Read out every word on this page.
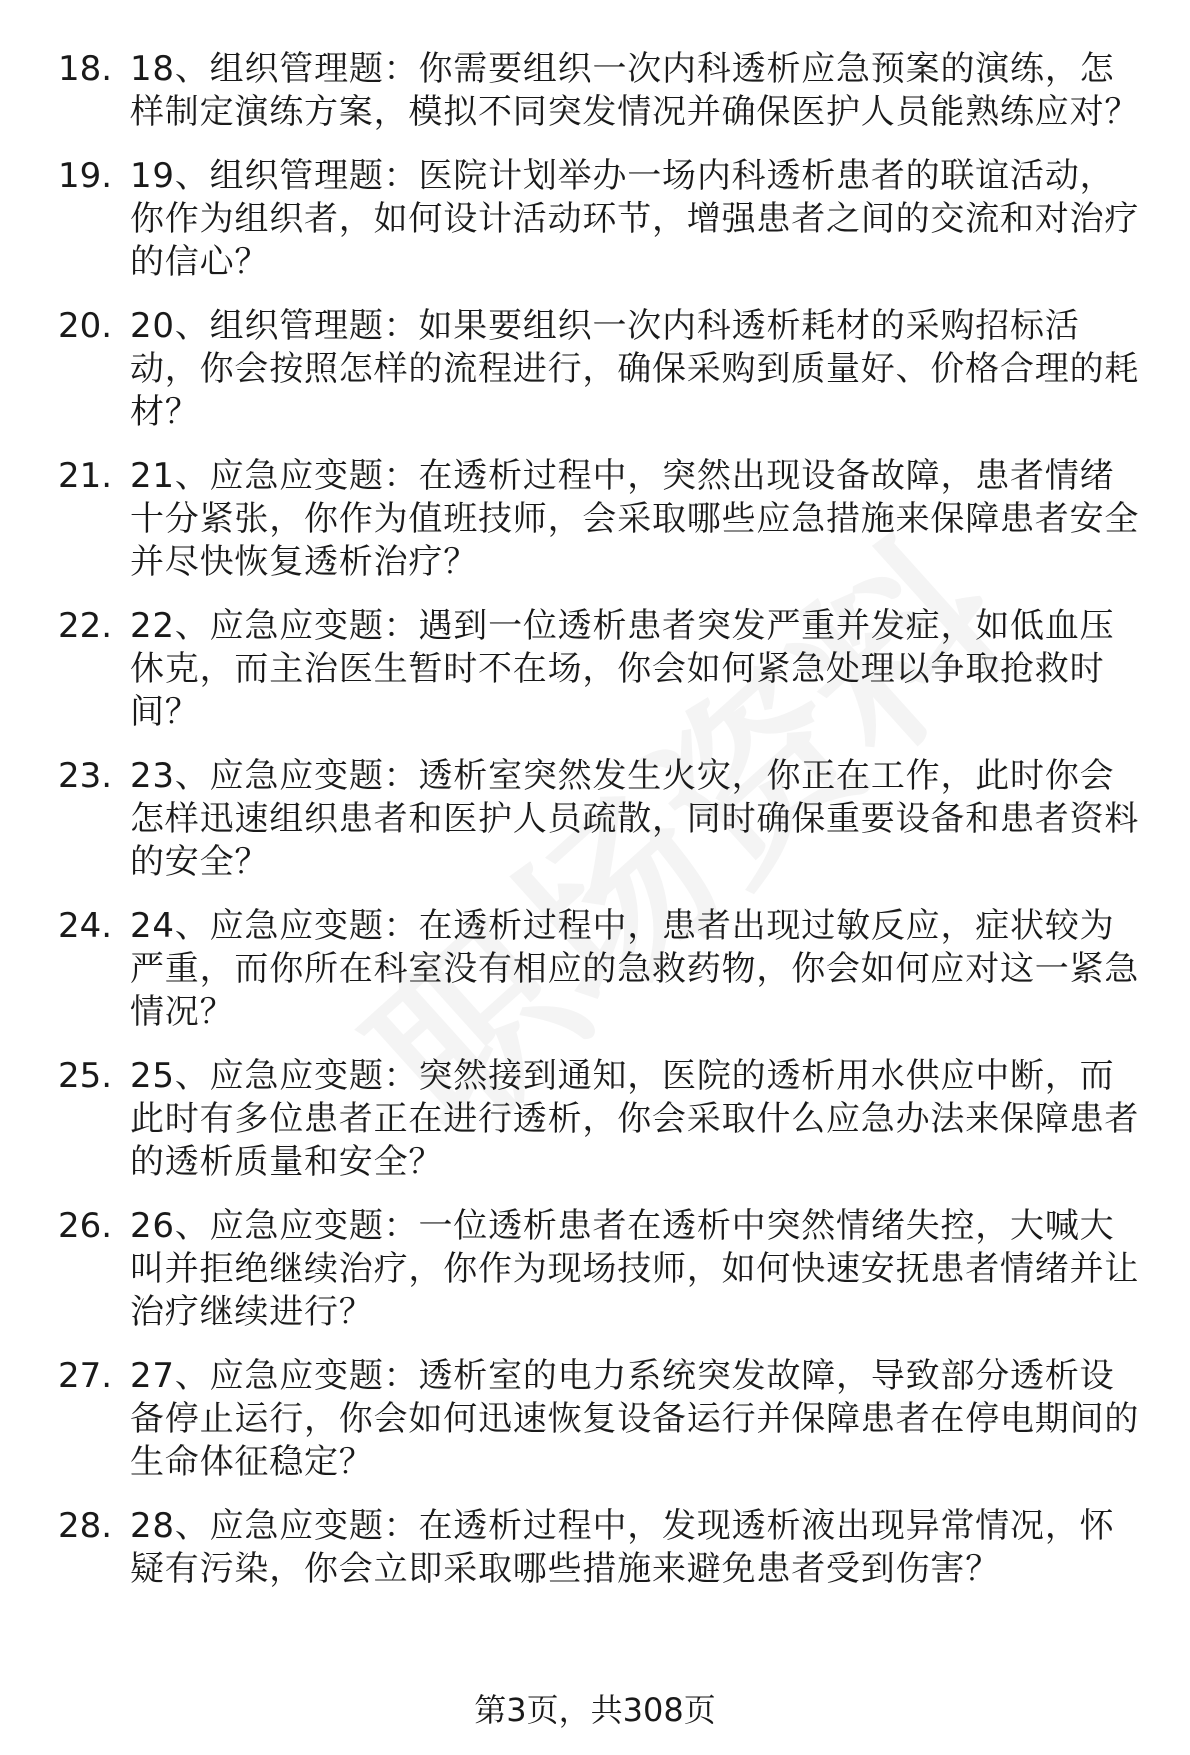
18. 18、组织管理题：你需要组织一次内科透析应急预案的演练，怎样制定演练方案，模拟不同突发情况并确保医护人员能熟练应对？
19. 19、组织管理题：医院计划举办一场内科透析患者的联谊活动，你作为组织者，如何设计活动环节，增强患者之间的交流和对治疗的信心？
20. 20、组织管理题：如果要组织一次内科透析耗材的采购招标活动，你会按照怎样的流程进行，确保采购到质量好、价格合理的耗材？
21. 21、应急应变题：在透析过程中，突然出现设备故障，患者情绪十分紧张，你作为值班技师，会采取哪些应急措施来保障患者安全并尽快恢复透析治疗？
22. 22、应急应变题：遇到一位透析患者突发严重并发症，如低血压休克，而主治医生暂时不在场，你会如何紧急处理以争取抢救时间？
23. 23、应急应变题：透析室突然发生火灾，你正在工作，此时你会怎样迅速组织患者和医护人员疏散，同时确保重要设备和患者资料的安全？
24. 24、应急应变题：在透析过程中，患者出现过敏反应，症状较为严重，而你所在科室没有相应的急救药物，你会如何应对这一紧急情况？
25. 25、应急应变题：突然接到通知，医院的透析用水供应中断，而此时有多位患者正在进行透析，你会采取什么应急办法来保障患者的透析质量和安全？
26. 26、应急应变题：一位透析患者在透析中突然情绪失控，大喊大叫并拒绝继续治疗，你作为现场技师，如何快速安抚患者情绪并让治疗继续进行？
27. 27、应急应变题：透析室的电力系统突发故障，导致部分透析设备停止运行，你会如何迅速恢复设备运行并保障患者在停电期间的生命体征稳定？
28. 28、应急应变题：在透析过程中，发现透析液出现异常情况，怀疑有污染，你会立即采取哪些措施来避免患者受到伤害？
第3页，共308页
